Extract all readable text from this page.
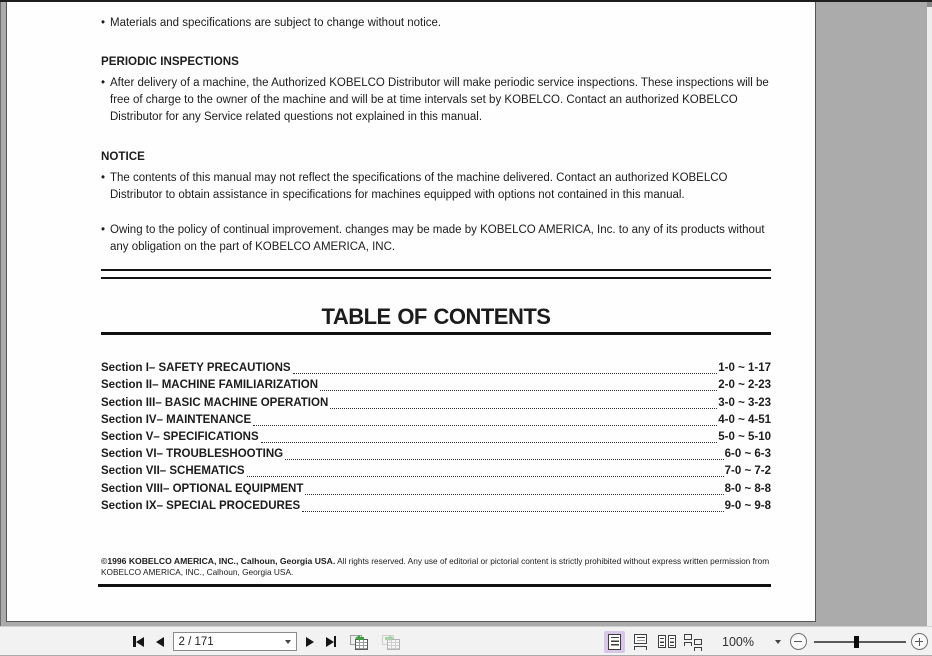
• Materials and specifications are subject to change without notice.
PERIODIC INSPECTIONS
• After delivery of a machine, the Authorized KOBELCO Distributor will make periodic service inspections. These inspections will be free of charge to the owner of the machine and will be at time intervals set by KOBELCO. Contact an authorized KOBELCO Distributor for any Service related questions not explained in this manual.
NOTICE
• The contents of this manual may not reflect the specifications of the machine delivered. Contact an authorized KOBELCO Distributor to obtain assistance in specifications for machines equipped with options not contained in this manual.
• Owing to the policy of continual improvement. changes may be made by KOBELCO AMERICA, Inc. to any of its products without any obligation on the part of KOBELCO AMERICA, INC.
TABLE OF CONTENTS
Section I– SAFETY PRECAUTIONS	1-0 ~ 1-17
Section II– MACHINE FAMILIARIZATION	2-0 ~ 2-23
Section III– BASIC MACHINE OPERATION	3-0 ~ 3-23
Section IV– MAINTENANCE	4-0 ~ 4-51
Section V– SPECIFICATIONS	5-0 ~ 5-10
Section VI– TROUBLESHOOTING	6-0 ~ 6-3
Section VII– SCHEMATICS	7-0 ~ 7-2
Section VIII– OPTIONAL EQUIPMENT	8-0 ~ 8-8
Section IX– SPECIAL PROCEDURES	9-0 ~ 9-8
©1996 KOBELCO AMERICA, INC., Calhoun, Georgia USA. All rights reserved. Any use of editorial or pictorial content is strictly prohibited without express written permission from KOBELCO AMERICA, INC., Calhoun, Georgia USA.
2 / 171	100%
